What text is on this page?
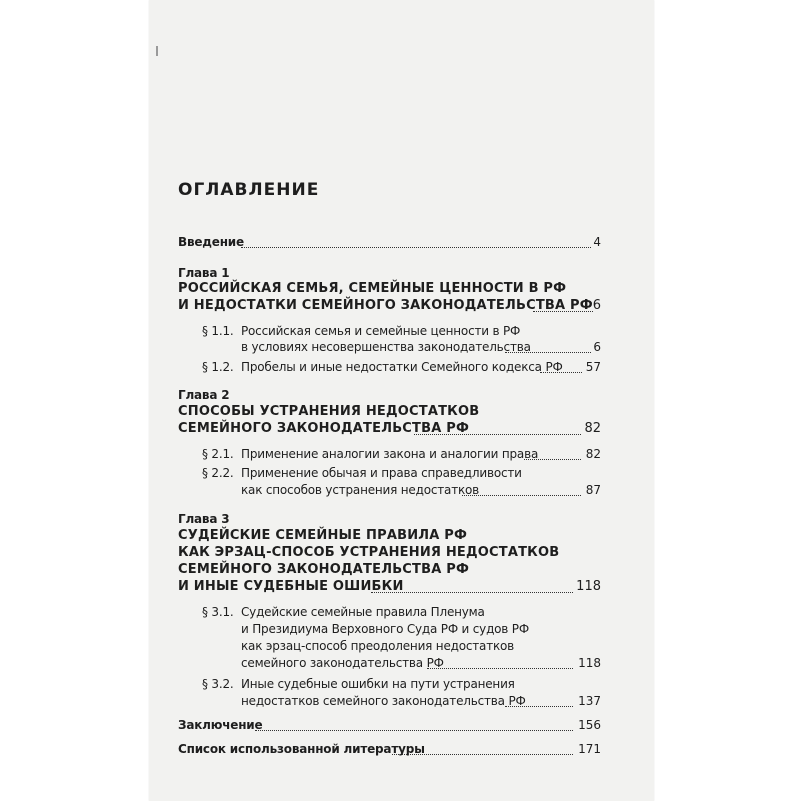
ОГЛАВЛЕНИЕ
Введение	4
Глава 1
РОССИЙСКАЯ СЕМЬЯ, СЕМЕЙНЫЕ ЦЕННОСТИ В РФ
И НЕДОСТАТКИ СЕМЕЙНОГО ЗАКОНОДАТЕЛЬСТВА РФ 6
§ 1.1. Российская семья и семейные ценности в РФ
в условиях несовершенства законодательства	6
§ 1.2. Пробелы и иные недостатки Семейного кодекса РФ	57
Глава 2
СПОСОБЫ УСТРАНЕНИЯ НЕДОСТАТКОВ
СЕМЕЙНОГО ЗАКОНОДАТЕЛЬСТВА РФ	82
§ 2.1. Применение аналогии закона и аналогии права	82
§ 2.2. Применение обычая и права справедливости
как способов устранения недостатков	87
Глава 3
СУДЕЙСКИЕ СЕМЕЙНЫЕ ПРАВИЛА РФ
КАК ЭРЗАЦ-СПОСОБ УСТРАНЕНИЯ НЕДОСТАТКОВ
СЕМЕЙНОГО ЗАКОНОДАТЕЛЬСТВА РФ
И ИНЫЕ СУДЕБНЫЕ ОШИБКИ	118
§ 3.1. Судейские семейные правила Пленума
и Президиума Верховного Суда РФ и судов РФ
как эрзац-способ преодоления недостатков
семейного законодательства РФ	118
§ 3.2. Иные судебные ошибки на пути устранения
недостатков семейного законодательства РФ	137
Заключение	156
Список использованной литературы	171
